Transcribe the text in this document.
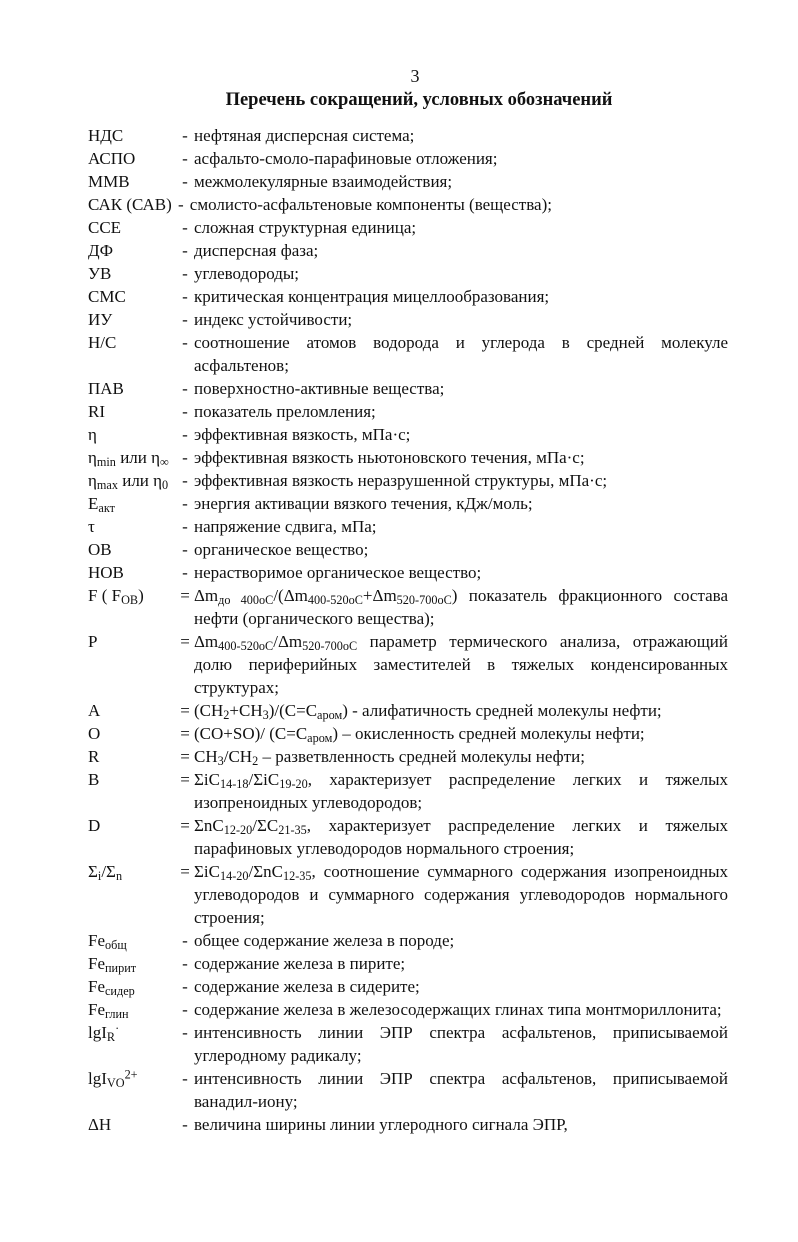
3
Перечень сокращений, условных обозначений
НДС	- нефтяная дисперсная система;
АСПО	- асфальто-смоло-парафиновые отложения;
ММВ	- межмолекулярные взаимодействия;
САК (САВ) - смолисто-асфальтеновые компоненты (вещества);
ССЕ	- сложная структурная единица;
ДФ	- дисперсная фаза;
УВ	- углеводороды;
СМС	- критическая концентрация мицеллообразования;
ИУ	- индекс устойчивости;
Н/С	- соотношение атомов водорода и углерода в средней молекуле асфальтенов;
ПАВ	- поверхностно-активные вещества;
RI	- показатель преломления;
η	- эффективная вязкость, мПа·с;
$\eta_{min}$ или $\eta_\infty$ - эффективная вязкость ньютоновского течения, мПа·с;
$\eta_{max}$ или $\eta_0$ - эффективная вязкость неразрушенной структуры, мПа·с;
$E_{акт}$	- энергия активации вязкого течения, кДж/моль;
τ	- напряжение сдвига, мПа;
ОВ	- органическое вещество;
НОВ	- нерастворимое органическое вещество;
F ( $F_{ОВ}$)	= $\Delta m_{до 400оС}/(\Delta m_{400-520оС}+\Delta m_{520-700оС})$ показатель фракционного состава нефти (органического вещества);
P	= $\Delta m_{400-520оС}/\Delta m_{520-700оС}$ параметр термического анализа, отражающий долю периферийных заместителей в тяжелых конденсированных структурах;
A	= $(CH_2+CH_3)/(C=C_{аром})$ - алифатичность средней молекулы нефти;
O	= (CO+SO)/ $(C=C_{аром})$ – окисленность средней молекулы нефти;
R	= $CH_3/CH_2$ – разветвленность средней молекулы нефти;
B	= ΣiC$_{14-18}$/ΣiC$_{19-20}$, характеризует распределение легких и тяжелых изопреноидных углеводородов;
D	= $\Sigma nC_{12-20}/\Sigma C_{21-35}$, характеризует распределение легких и тяжелых парафиновых углеводородов нормального строения;
$\Sigma_i/\Sigma_n$	= ΣiC$_{14-20}$/ΣnC$_{12-35}$, соотношение суммарного содержания изопреноидных углеводородов и суммарного содержания углеводородов нормального строения;
$Fe_{общ}$	- общее содержание железа в породе;
$Fe_{пирит}$	- содержание железа в пирите;
$Fe_{сидер}$	- содержание железа в сидерите;
$Fe_{глин}$	- содержание железа в железосодержащих глинах типа монтмориллонита;
lgI$_R$·	- интенсивность линии ЭПР спектра асфальтенов, приписываемой углеродному радикалу;
lgI$_{VO}^{2+}$	- интенсивность линии ЭПР спектра асфальтенов, приписываемой ванадил-иону;
ΔH	- величина ширины линии углеродного сигнала ЭПР,
